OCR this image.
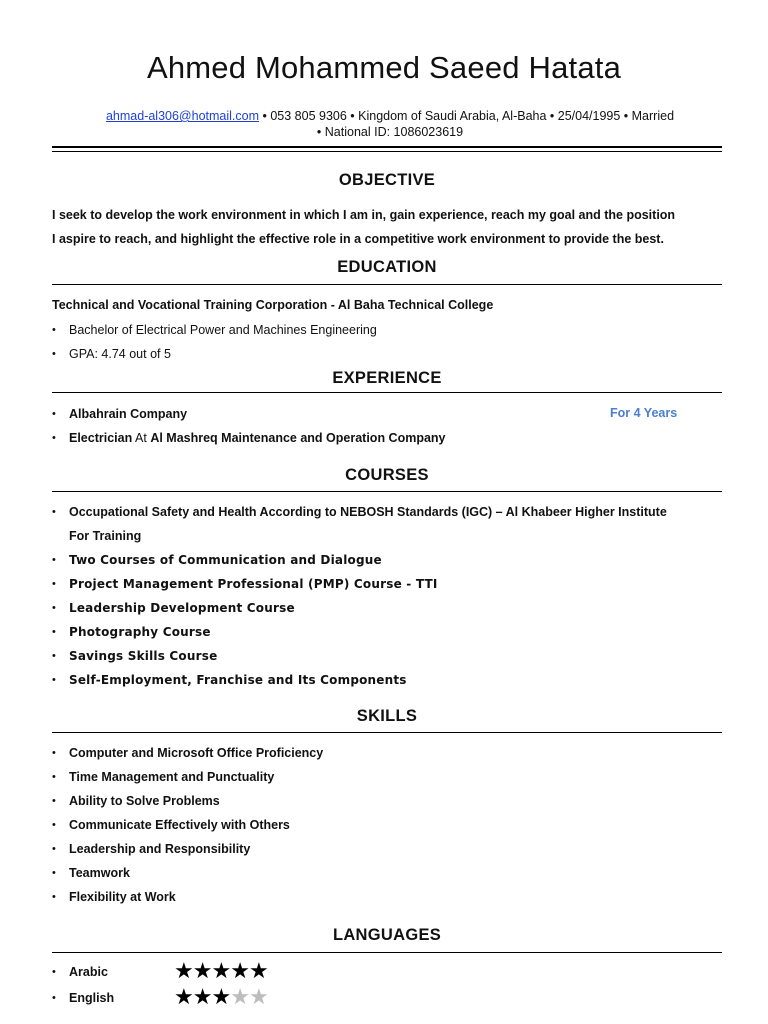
Ahmed Mohammed Saeed Hatata
ahmad-al306@hotmail.com • 053 805 9306 • Kingdom of Saudi Arabia, Al-Baha • 25/04/1995 • Married
• National ID: 1086023619
OBJECTIVE
I seek to develop the work environment in which I am in, gain experience, reach my goal and the position
I aspire to reach, and highlight the effective role in a competitive work environment to provide the best.
EDUCATION
Technical and Vocational Training Corporation - Al Baha Technical College
•	Bachelor of Electrical Power and Machines Engineering
•	GPA: 4.74 out of 5
EXPERIENCE
•	Albahrain Company	For 4 Years
•	Electrician At Al Mashreq Maintenance and Operation Company
COURSES
•	Occupational Safety and Health According to NEBOSH Standards (IGC) – Al Khabeer Higher Institute
For Training
•	Two Courses of Communication and Dialogue
•	Project Management Professional (PMP) Course - TTI
•	Leadership Development Course
•	Photography Course
•	Savings Skills Course
•	Self-Employment, Franchise and Its Components
SKILLS
•	Computer and Microsoft Office Proficiency
•	Time Management and Punctuality
•	Ability to Solve Problems
•	Communicate Effectively with Others
•	Leadership and Responsibility
•	Teamwork
•	Flexibility at Work
LANGUAGES
• Arabic	★★★★★
• English	★★★★★
